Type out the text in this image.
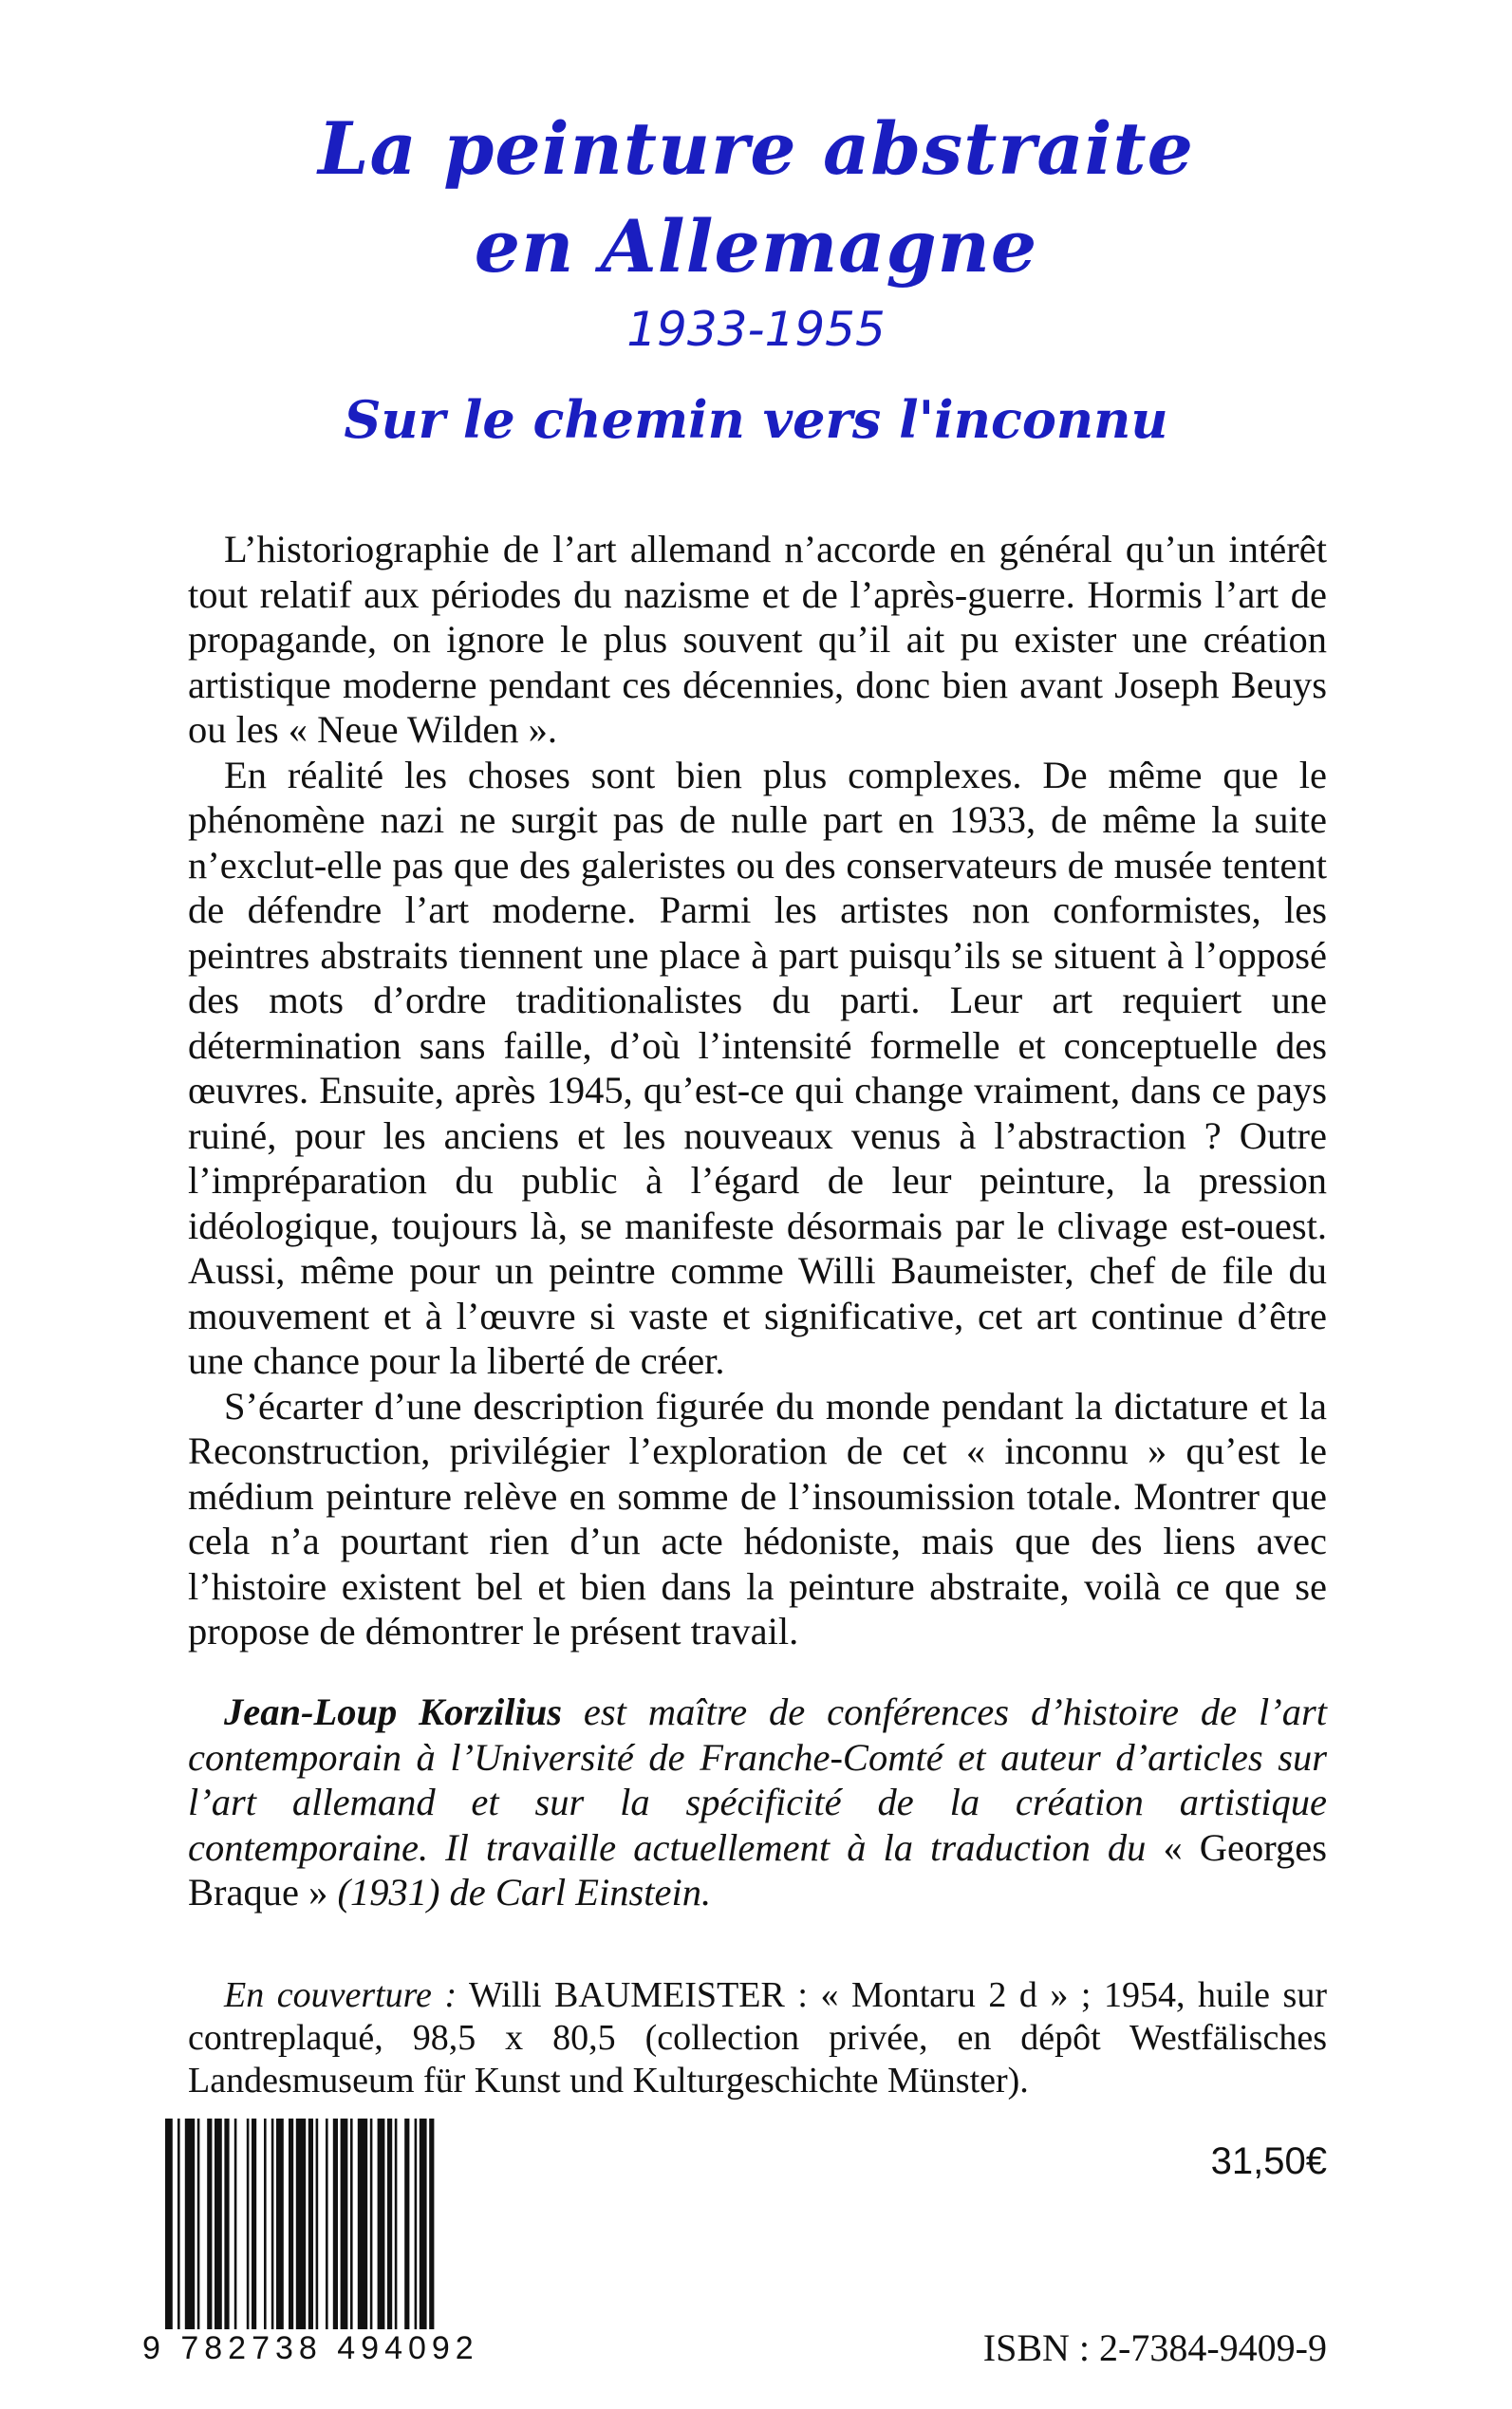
La peinture abstraite
en Allemagne
1933-1955
Sur le chemin vers l'inconnu

L’historiographie de l’art allemand n’accorde en général qu’un intérêt tout relatif aux périodes du nazisme et de l’après-guerre. Hormis l’art de propagande, on ignore le plus souvent qu’il ait pu exister une création artistique moderne pendant ces décennies, donc bien avant Joseph Beuys ou les « Neue Wilden ».

En réalité les choses sont bien plus complexes. De même que le phénomène nazi ne surgit pas de nulle part en 1933, de même la suite n’exclut-elle pas que des galeristes ou des conservateurs de musée tentent de défendre l’art moderne. Parmi les artistes non conformistes, les peintres abstraits tiennent une place à part puisqu’ils se situent à l’opposé des mots d’ordre traditionalistes du parti. Leur art requiert une détermination sans faille, d’où l’intensité formelle et conceptuelle des œuvres. Ensuite, après 1945, qu’est-ce qui change vraiment, dans ce pays ruiné, pour les anciens et les nouveaux venus à l’abstraction ? Outre l’impréparation du public à l’égard de leur peinture, la pression idéologique, toujours là, se manifeste désormais par le clivage est-ouest. Aussi, même pour un peintre comme Willi Baumeister, chef de file du mouvement et à l’œuvre si vaste et significative, cet art continue d’être une chance pour la liberté de créer.

S’écarter d’une description figurée du monde pendant la dictature et la Reconstruction, privilégier l’exploration de cet « inconnu » qu’est le médium peinture relève en somme de l’insoumission totale. Montrer que cela n’a pourtant rien d’un acte hédoniste, mais que des liens avec l’histoire existent bel et bien dans la peinture abstraite, voilà ce que se propose de démontrer le présent travail.

Jean-Loup Korzilius est maître de conférences d’histoire de l’art contemporain à l’Université de Franche-Comté et auteur d’articles sur l’art allemand et sur la spécificité de la création artistique contemporaine. Il travaille actuellement à la traduction du « Georges Braque » (1931) de Carl Einstein.

En couverture : Willi BAUMEISTER : « Montaru 2 d » ; 1954, huile sur contreplaqué, 98,5 x 80,5 (collection privée, en dépôt Westfälisches Landesmuseum für Kunst und Kulturgeschichte Münster).

9 782738 494092
31,50€
ISBN : 2-7384-9409-9
